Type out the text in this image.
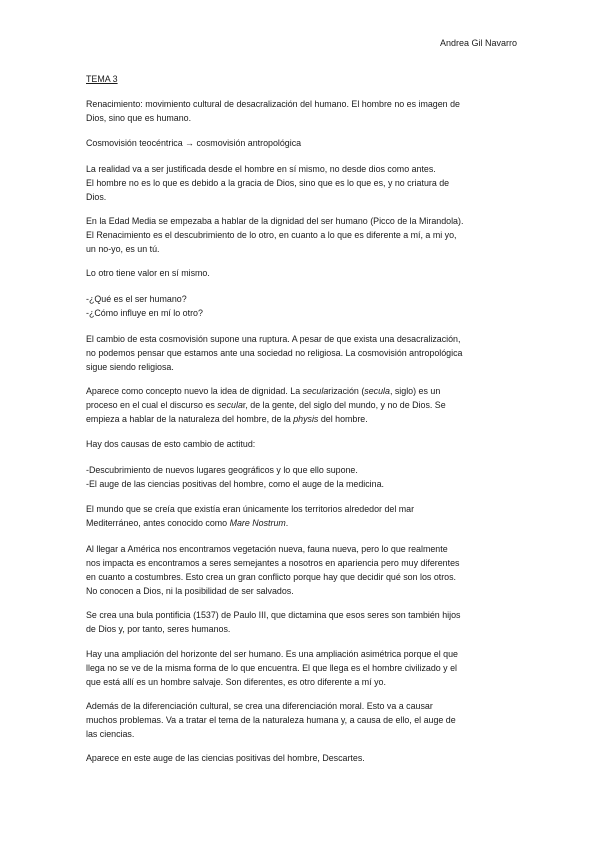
Andrea Gil Navarro
TEMA 3

Renacimiento: movimiento cultural de desacralización del humano. El hombre no es imagen de
Dios, sino que es humano.

Cosmovisión teocéntrica → cosmovisión antropológica

La realidad va a ser justificada desde el hombre en sí mismo, no desde dios como antes.
El hombre no es lo que es debido a la gracia de Dios, sino que es lo que es, y no criatura de
Dios.

En la Edad Media se empezaba a hablar de la dignidad del ser humano (Picco de la Mirandola).
El Renacimiento es el descubrimiento de lo otro, en cuanto a lo que es diferente a mí, a mi yo,
un no-yo, es un tú.

Lo otro tiene valor en sí mismo.

-¿Qué es el ser humano?
-¿Cómo influye en mí lo otro?

El cambio de esta cosmovisión supone una ruptura. A pesar de que exista una desacralización,
no podemos pensar que estamos ante una sociedad no religiosa. La cosmovisión antropológica
sigue siendo religiosa.

Aparece como concepto nuevo la idea de dignidad. La secularización (secula, siglo) es un
proceso en el cual el discurso es secular, de la gente, del siglo del mundo, y no de Dios. Se
empieza a hablar de la naturaleza del hombre, de la physis del hombre.

Hay dos causas de esto cambio de actitud:

-Descubrimiento de nuevos lugares geográficos y lo que ello supone.
-El auge de las ciencias positivas del hombre, como el auge de la medicina.

El mundo que se creía que existía eran únicamente los territorios alrededor del mar
Mediterráneo, antes conocido como Mare Nostrum.

Al llegar a América nos encontramos vegetación nueva, fauna nueva, pero lo que realmente
nos impacta es encontramos a seres semejantes a nosotros en apariencia pero muy diferentes
en cuanto a costumbres. Esto crea un gran conflicto porque hay que decidir qué son los otros.
No conocen a Dios, ni la posibilidad de ser salvados.

Se crea una bula pontificia (1537) de Paulo III, que dictamina que esos seres son también hijos
de Dios y, por tanto, seres humanos.

Hay una ampliación del horizonte del ser humano. Es una ampliación asimétrica porque el que
llega no se ve de la misma forma de lo que encuentra. El que llega es el hombre civilizado y el
que está allí es un hombre salvaje. Son diferentes, es otro diferente a mí yo.

Además de la diferenciación cultural, se crea una diferenciación moral. Esto va a causar
muchos problemas. Va a tratar el tema de la naturaleza humana y, a causa de ello, el auge de
las ciencias.

Aparece en este auge de las ciencias positivas del hombre, Descartes.
